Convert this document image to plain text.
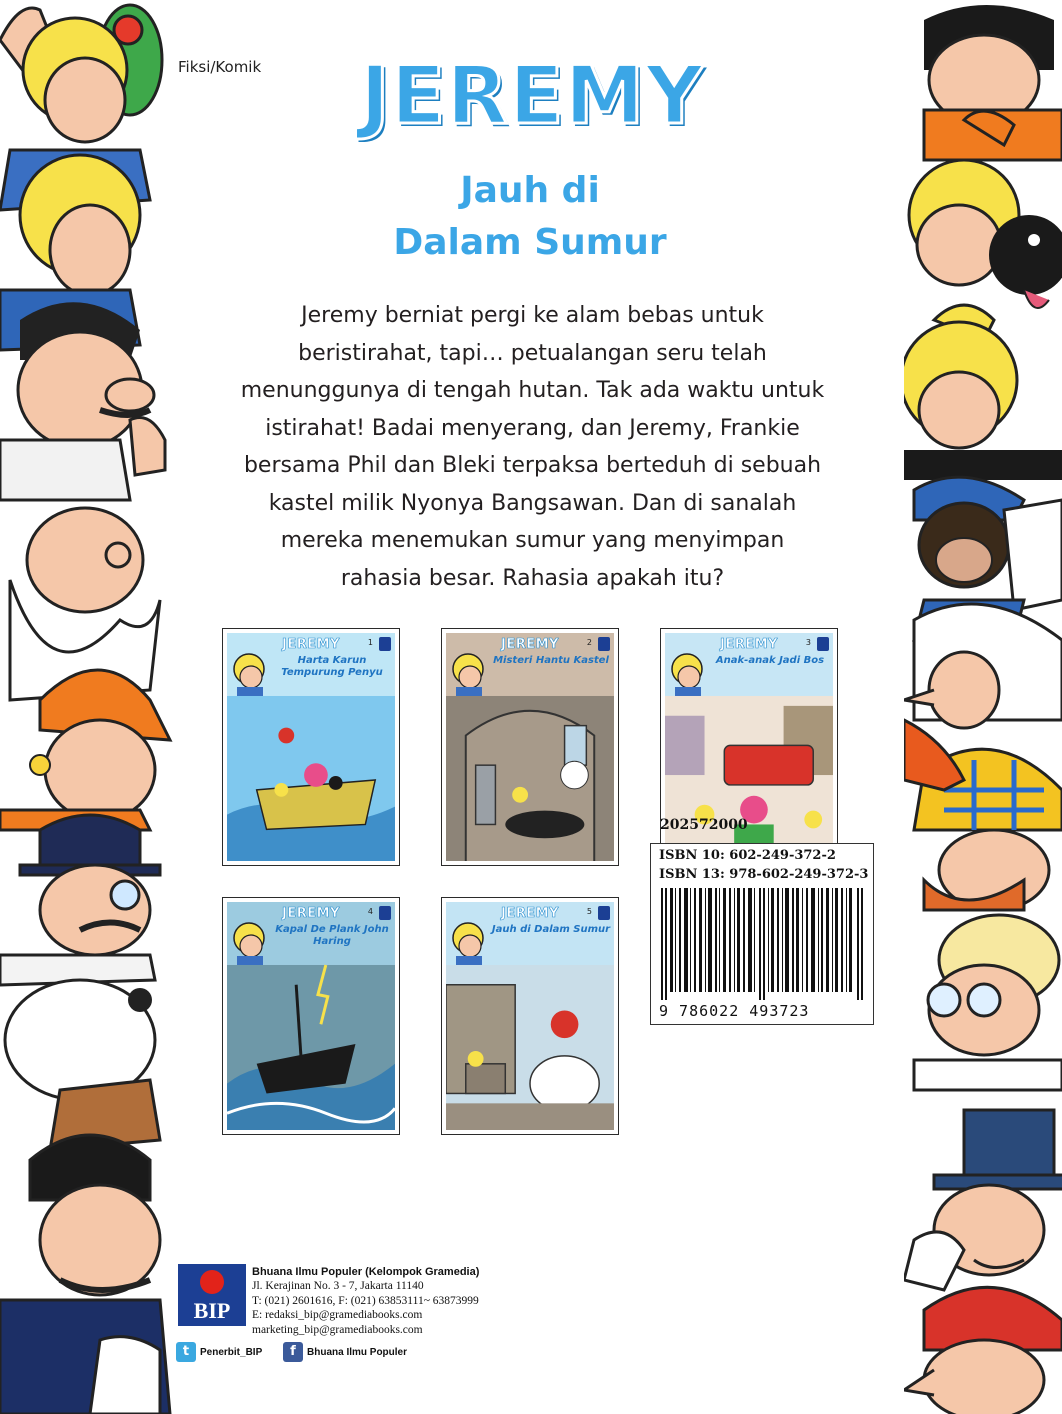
Fiksi/Komik JEREMY
Jauh di
Dalam Sumur
Jeremy berniat pergi ke alam bebas untuk
beristirahat, tapi… petualangan seru telah
menunggunya di tengah hutan. Tak ada waktu untuk
istirahat! Badai menyerang, dan Jeremy, Frankie
bersama Phil dan Bleki terpaksa berteduh di sebuah
kastel milik Nyonya Bangsawan. Dan di sanalah
mereka menemukan sumur yang menyimpan
rahasia besar. Rahasia apakah itu?
JEREMY	1
Harta Karun Tempurung Penyu
JEREMY	2
Misteri Hantu Kastel
JEREMY	3
Anak-anak Jadi Bos
JEREMY	4
Kapal De Plank John Haring
JEREMY	5
Jauh di Dalam Sumur
202572000
ISBN 10: 602-249-372-2
ISBN 13: 978-602-249-372-3
9 786022 493723
BIP
Bhuana Ilmu Populer (Kelompok Gramedia)
Jl. Kerajinan No. 3 - 7, Jakarta 11140
T: (021) 2601616, F: (021) 63853111~ 63873999
E: redaksi_bip@gramediabooks.com
marketing_bip@gramediabooks.com
t	Penerbit_BIP	f	Bhuana Ilmu Populer
